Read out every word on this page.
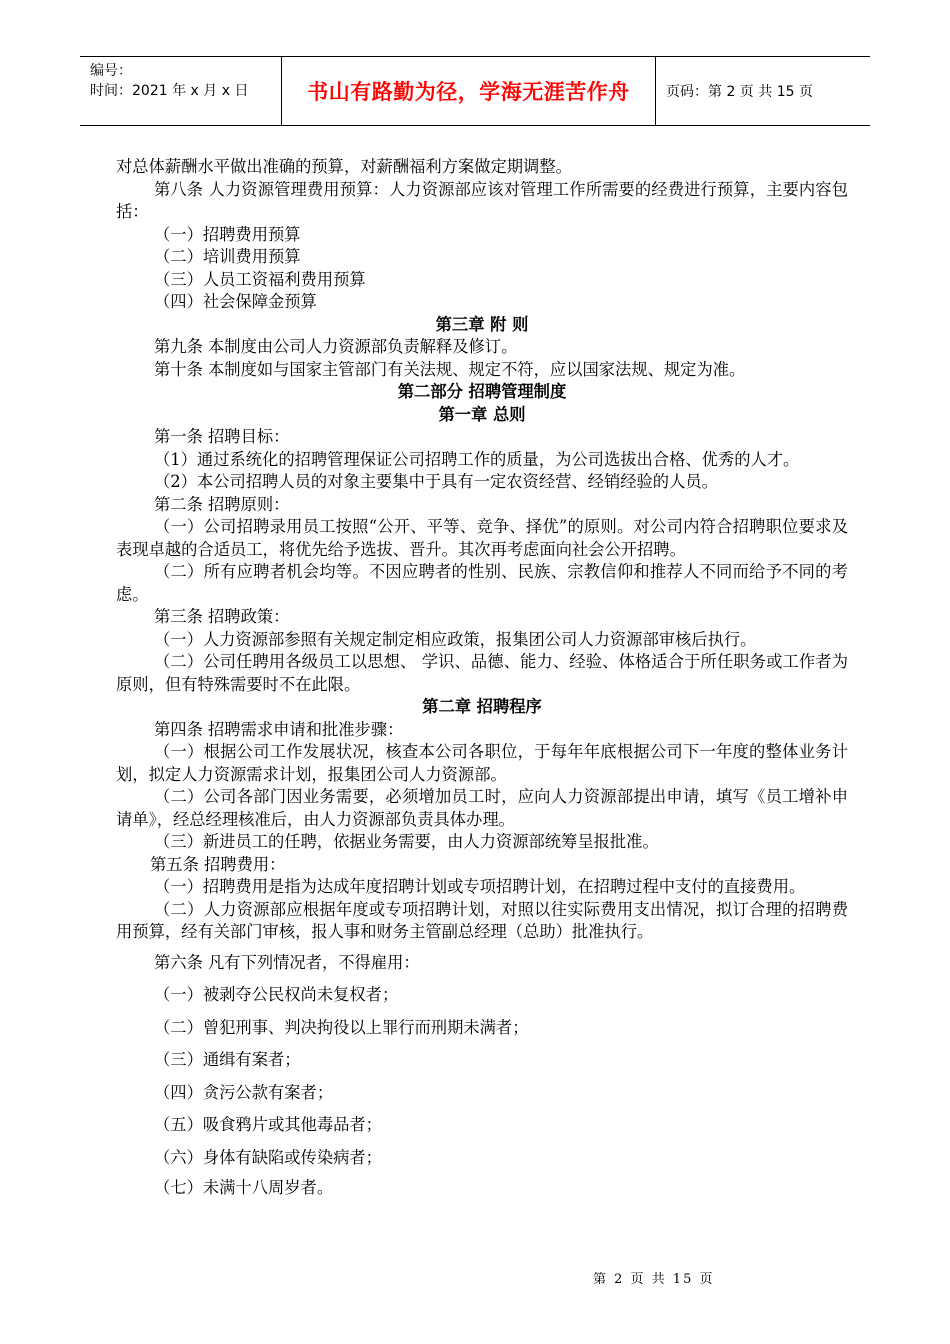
编号：
时间：2021 年 x 月 x 日	书山有路勤为径，学海无涯苦作舟	页码：第 2 页 共 15 页

对总体薪酬水平做出准确的预算，对薪酬福利方案做定期调整。

第八条 人力资源管理费用预算：人力资源部应该对管理工作所需要的经费进行预算，主要内容包括：

（一）招聘费用预算

（二）培训费用预算

（三）人员工资福利费用预算

（四）社会保障金预算

第三章 附 则

第九条 本制度由公司人力资源部负责解释及修订。

第十条 本制度如与国家主管部门有关法规、规定不符，应以国家法规、规定为准。

第二部分 招聘管理制度

第一章 总则

第一条 招聘目标：

（1）通过系统化的招聘管理保证公司招聘工作的质量，为公司选拔出合格、优秀的人才。

（2）本公司招聘人员的对象主要集中于具有一定农资经营、经销经验的人员。

第二条 招聘原则：

（一）公司招聘录用员工按照“公开、平等、竞争、择优”的原则。对公司内符合招聘职位要求及表现卓越的合适员工，将优先给予选拔、晋升。其次再考虑面向社会公开招聘。

（二）所有应聘者机会均等。不因应聘者的性别、民族、宗教信仰和推荐人不同而给予不同的考虑。

第三条 招聘政策：

（一）人力资源部参照有关规定制定相应政策，报集团公司人力资源部审核后执行。

（二）公司任聘用各级员工以思想、 学识、品德、能力、经验、体格适合于所任职务或工作者为原则，但有特殊需要时不在此限。

第二章 招聘程序

第四条 招聘需求申请和批准步骤：

（一）根据公司工作发展状况，核查本公司各职位，于每年年底根据公司下一年度的整体业务计划，拟定人力资源需求计划，报集团公司人力资源部。

（二）公司各部门因业务需要，必须增加员工时，应向人力资源部提出申请，填写《员工增补申请单》，经总经理核准后，由人力资源部负责具体办理。

（三）新进员工的任聘，依据业务需要，由人力资源部统筹呈报批准。

第五条 招聘费用：

（一）招聘费用是指为达成年度招聘计划或专项招聘计划，在招聘过程中支付的直接费用。

（二）人力资源部应根据年度或专项招聘计划，对照以往实际费用支出情况，拟订合理的招聘费用预算，经有关部门审核，报人事和财务主管副总经理（总助）批准执行。

第六条 凡有下列情况者，不得雇用：

（一）被剥夺公民权尚未复权者；

（二）曾犯刑事、判决拘役以上罪行而刑期未满者；

（三）通缉有案者；

（四）贪污公款有案者；

（五）吸食鸦片或其他毒品者；

（六）身体有缺陷或传染病者；

（七）未满十八周岁者。

第 2 页 共 15 页
